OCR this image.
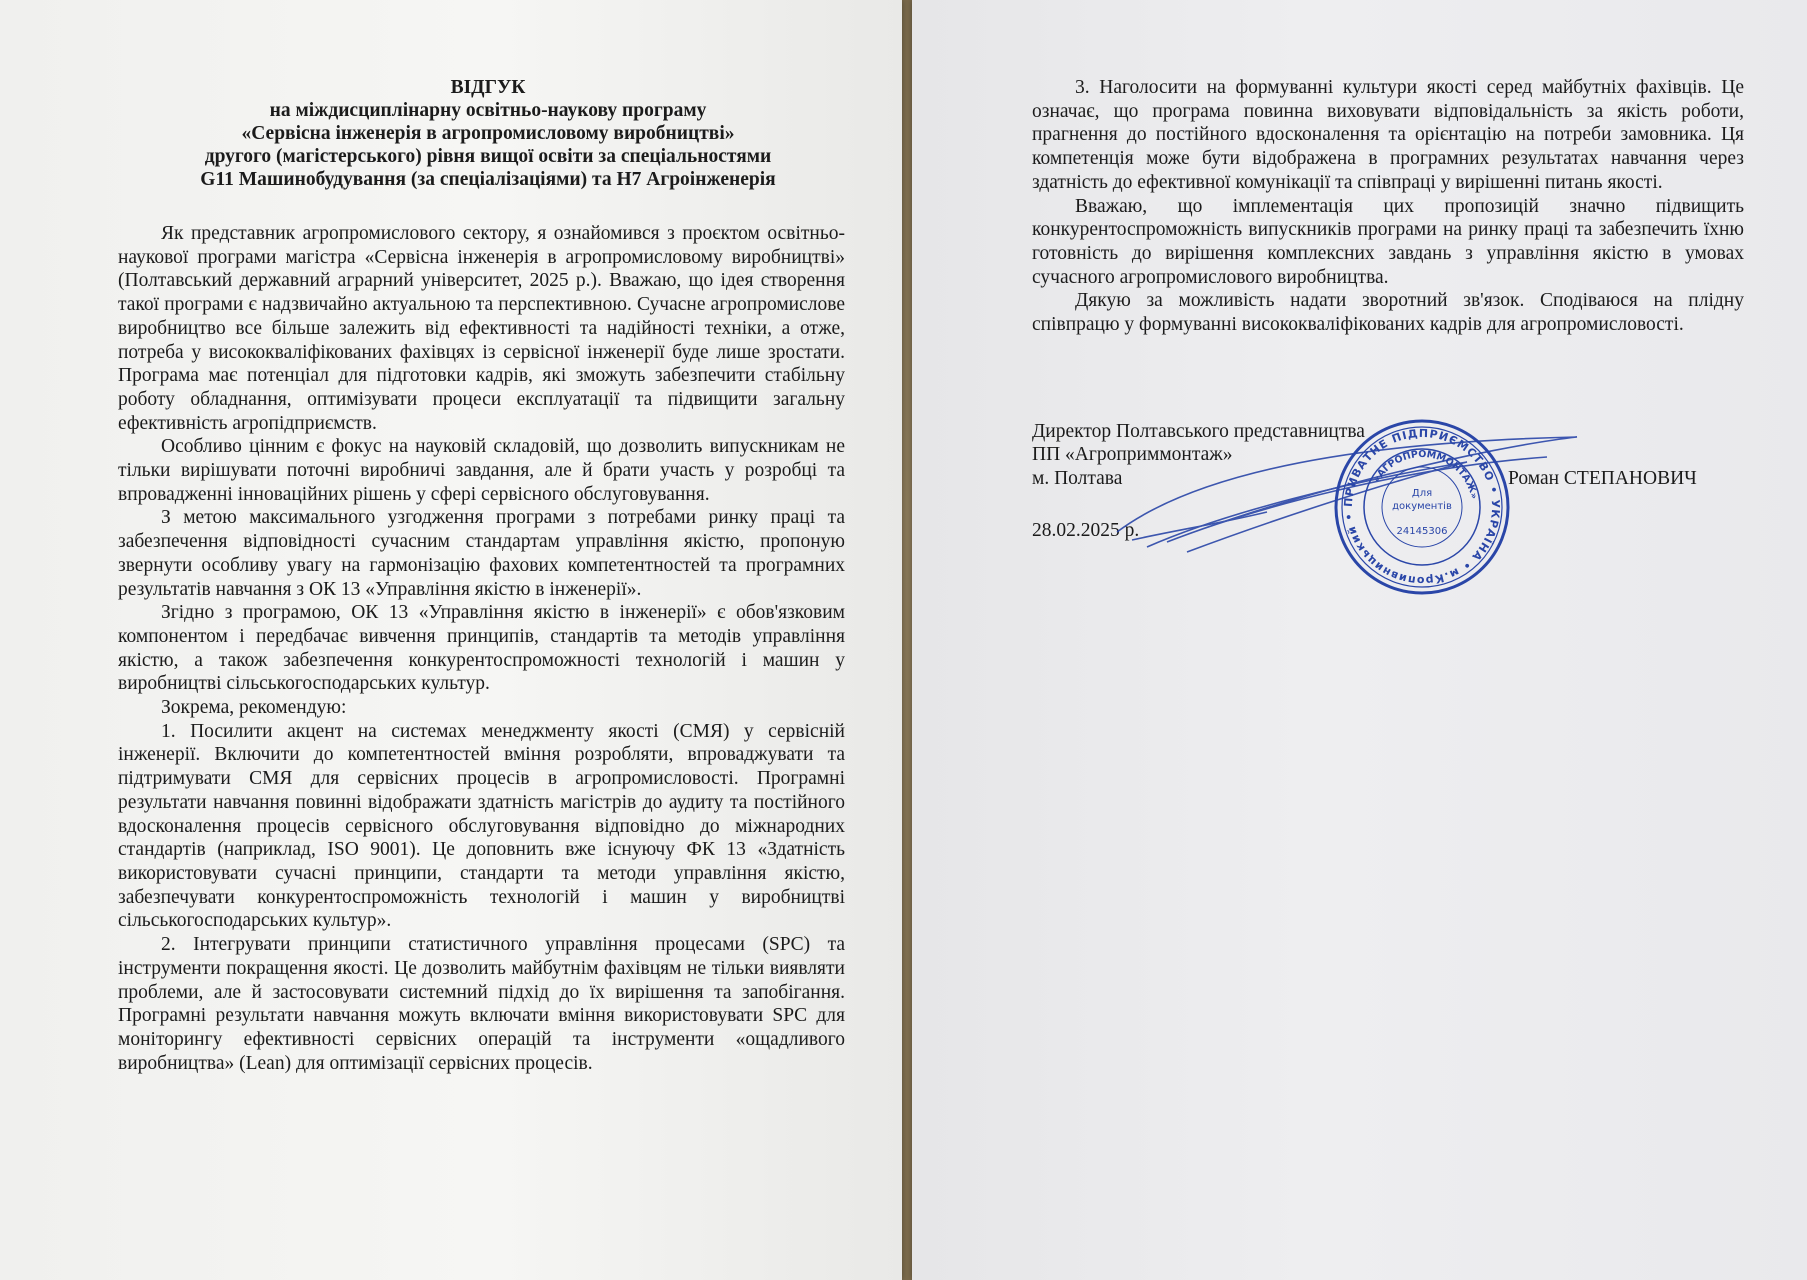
ВІДГУК
на міждисциплінарну освітньо-наукову програму
«Сервісна інженерія в агропромисловому виробництві»
другого (магістерського) рівня вищої освіти за спеціальностями
G11 Машинобудування (за спеціалізаціями) та H7 Агроінженерія

Як представник агропромислового сектору, я ознайомився з проєктом освітньо-наукової програми магістра «Сервісна інженерія в агропромисловому виробництві» (Полтавський державний аграрний університет, 2025 р.). Вважаю, що ідея створення такої програми є надзвичайно актуальною та перспективною. Сучасне агропромислове виробництво все більше залежить від ефективності та надійності техніки, а отже, потреба у висококваліфікованих фахівцях із сервісної інженерії буде лише зростати. Програма має потенціал для підготовки кадрів, які зможуть забезпечити стабільну роботу обладнання, оптимізувати процеси експлуатації та підвищити загальну ефективність агропідприємств.

Особливо цінним є фокус на науковій складовій, що дозволить випускникам не тільки вирішувати поточні виробничі завдання, але й брати участь у розробці та впровадженні інноваційних рішень у сфері сервісного обслуговування.

З метою максимального узгодження програми з потребами ринку праці та забезпечення відповідності сучасним стандартам управління якістю, пропоную звернути особливу увагу на гармонізацію фахових компетентностей та програмних результатів навчання з ОК 13 «Управління якістю в інженерії».

Згідно з програмою, ОК 13 «Управління якістю в інженерії» є обов'язковим компонентом і передбачає вивчення принципів, стандартів та методів управління якістю, а також забезпечення конкурентоспроможності технологій і машин у виробництві сільськогосподарських культур.

Зокрема, рекомендую:

1. Посилити акцент на системах менеджменту якості (СМЯ) у сервісній інженерії. Включити до компетентностей вміння розробляти, впроваджувати та підтримувати СМЯ для сервісних процесів в агропромисловості. Програмні результати навчання повинні відображати здатність магістрів до аудиту та постійного вдосконалення процесів сервісного обслуговування відповідно до міжнародних стандартів (наприклад, ISO 9001). Це доповнить вже існуючу ФК 13 «Здатність використовувати сучасні принципи, стандарти та методи управління якістю, забезпечувати конкурентоспроможність технологій і машин у виробництві сільськогосподарських культур».

2. Інтегрувати принципи статистичного управління процесами (SPC) та інструменти покращення якості. Це дозволить майбутнім фахівцям не тільки виявляти проблеми, але й застосовувати системний підхід до їх вирішення та запобігання. Програмні результати навчання можуть включати вміння використовувати SPC для моніторингу ефективності сервісних операцій та інструменти «ощадливого виробництва» (Lean) для оптимізації сервісних процесів.

3. Наголосити на формуванні культури якості серед майбутніх фахівців. Це означає, що програма повинна виховувати відповідальність за якість роботи, прагнення до постійного вдосконалення та орієнтацію на потреби замовника. Ця компетенція може бути відображена в програмних результатах навчання через здатність до ефективної комунікації та співпраці у вирішенні питань якості.

Вважаю, що імплементація цих пропозицій значно підвищить конкурентоспроможність випускників програми на ринку праці та забезпечить їхню готовність до вирішення комплексних завдань з управління якістю в умовах сучасного агропромислового виробництва.

Дякую за можливість надати зворотний зв'язок. Сподіваюся на плідну співпрацю у формуванні висококваліфікованих кадрів для агропромисловості.

Директор Полтавського представництва
ПП «Агроприммонтаж»
м. Полтава	Роман СТЕПАНОВИЧ
28.02.2025 р.
ПРИВАТНЕ ПІДПРИЄМСТВО • УКРАЇНА • м.Кропивницький •
«АГРОПРОММОНТАЖ»
Для
документів
24145306
